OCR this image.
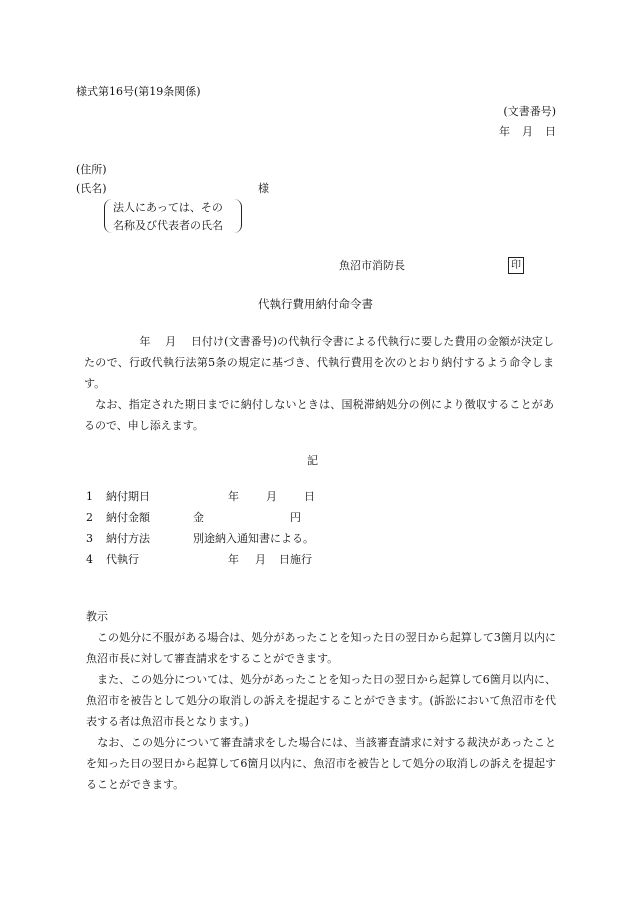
様式第16号(第19条関係)
(文書番号)
年 月 日
(住所)
(氏名)	様
法人にあっては、その
名称及び代表者の氏名
魚沼市消防長	印
代執行費用納付命令書

　　　　　年　 月　 日付け(文書番号)の代執行令書による代執行に要した費用の金額が決定したので、行政代執行法第5条の規定に基づき、代執行費用を次のとおり納付するよう命令します。

　なお、指定された期日までに納付しないときは、国税滞納処分の例により徴収することがあるので、申し添えます。

記
1 納付期日	年 月 日
2 納付金額	金	円
3 納付方法	別途納入通知書による。
4 代執行	年 月 日施行

教示

　この処分に不服がある場合は、処分があったことを知った日の翌日から起算して3箇月以内に魚沼市長に対して審査請求をすることができます。

　また、この処分については、処分があったことを知った日の翌日から起算して6箇月以内に、魚沼市を被告として処分の取消しの訴えを提起することができます。(訴訟において魚沼市を代表する者は魚沼市長となります。)

　なお、この処分について審査請求をした場合には、当該審査請求に対する裁決があったことを知った日の翌日から起算して6箇月以内に、魚沼市を被告として処分の取消しの訴えを提起することができます。
